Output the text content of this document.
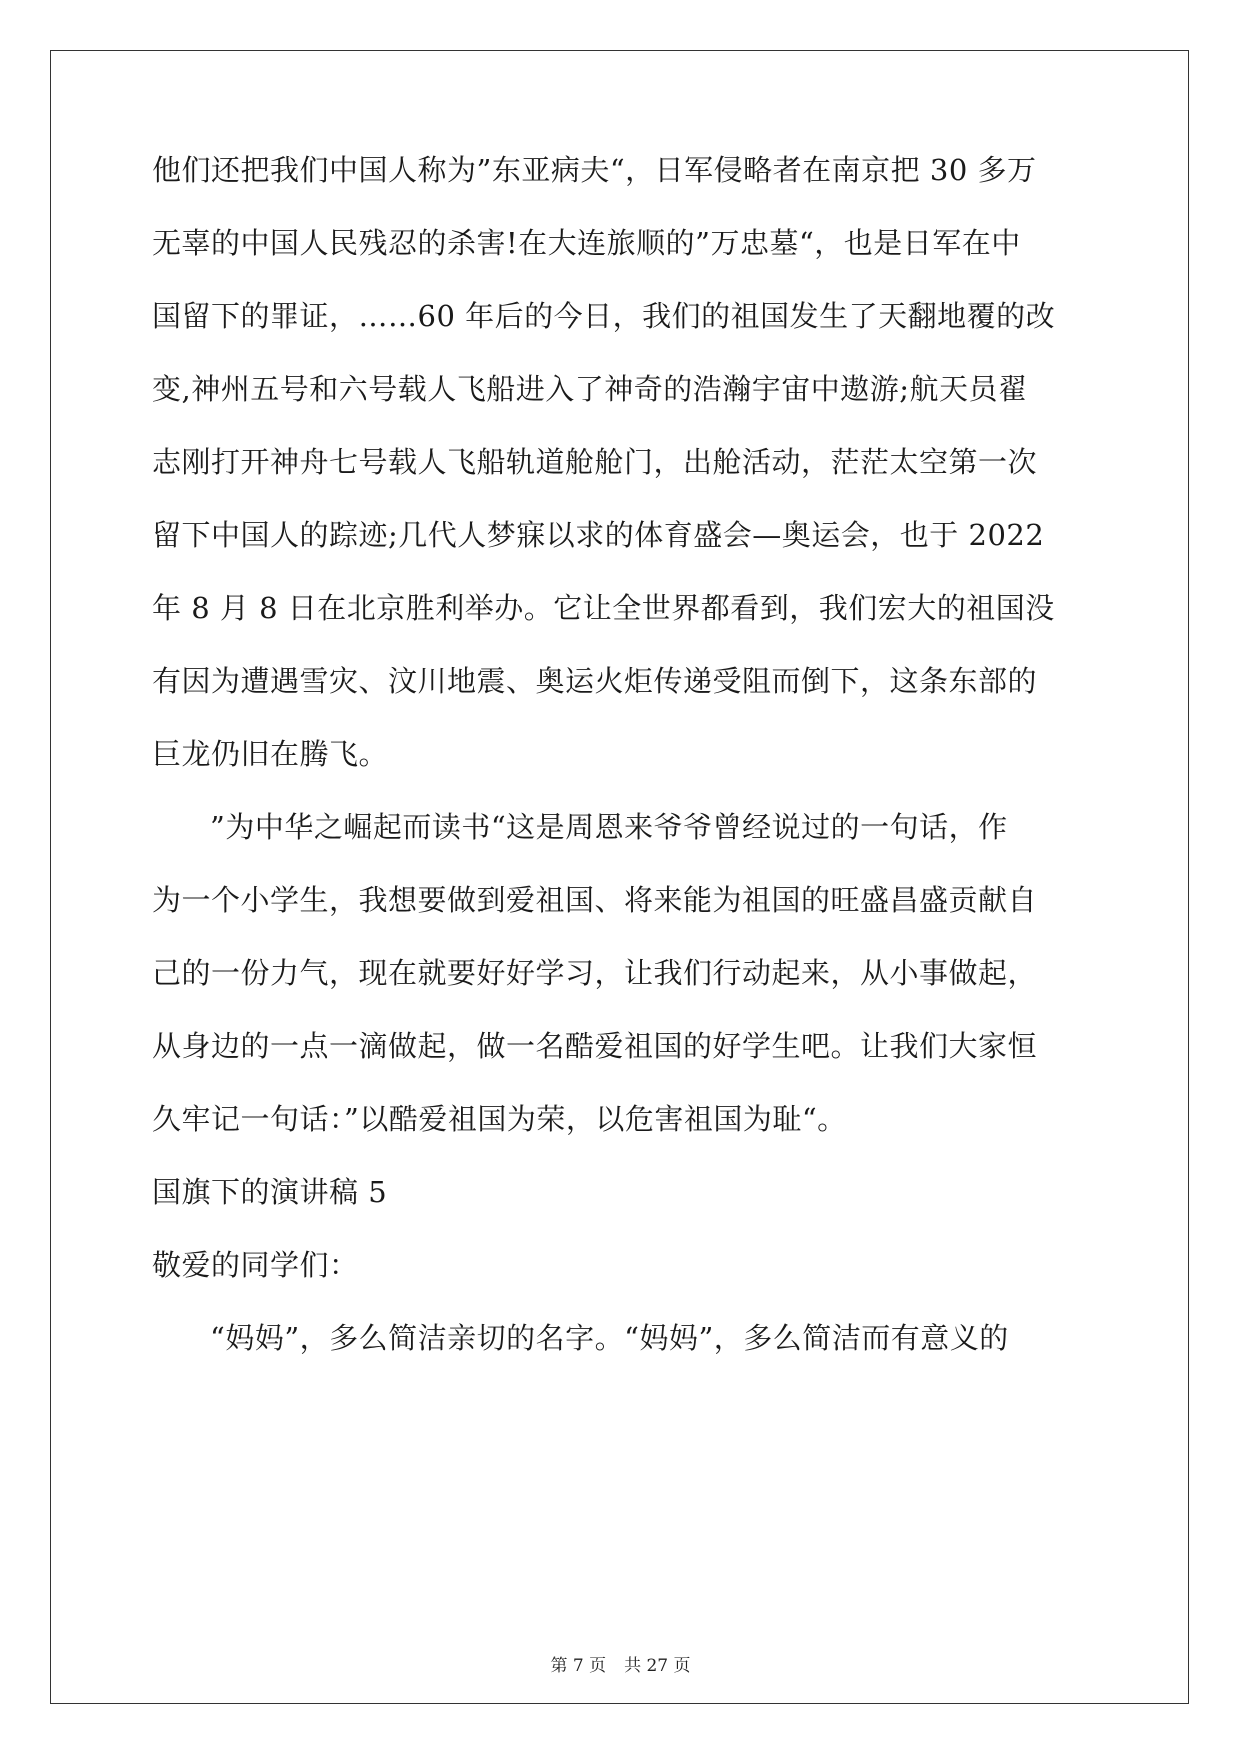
他们还把我们中国人称为”东亚病夫“，日军侵略者在南京把 30 多万
无辜的中国人民残忍的杀害!在大连旅顺的”万忠墓“，也是日军在中
国留下的罪证，……60 年后的今日，我们的祖国发生了天翻地覆的改
变,神州五号和六号载人飞船进入了神奇的浩瀚宇宙中遨游;航天员翟
志刚打开神舟七号载人飞船轨道舱舱门，出舱活动，茫茫太空第一次
留下中国人的踪迹;几代人梦寐以求的体育盛会—奥运会，也于 2022
年 8 月 8 日在北京胜利举办。它让全世界都看到，我们宏大的祖国没
有因为遭遇雪灾、汶川地震、奥运火炬传递受阻而倒下，这条东部的
巨龙仍旧在腾飞。
”为中华之崛起而读书“这是周恩来爷爷曾经说过的一句话，作
为一个小学生，我想要做到爱祖国、将来能为祖国的旺盛昌盛贡献自
己的一份力气，现在就要好好学习，让我们行动起来，从小事做起，
从身边的一点一滴做起，做一名酷爱祖国的好学生吧。让我们大家恒
久牢记一句话：”以酷爱祖国为荣，以危害祖国为耻“。
国旗下的演讲稿 5
敬爱的同学们：
“妈妈”，多么简洁亲切的名字。“妈妈”，多么简洁而有意义的
第 7 页 共 27 页
